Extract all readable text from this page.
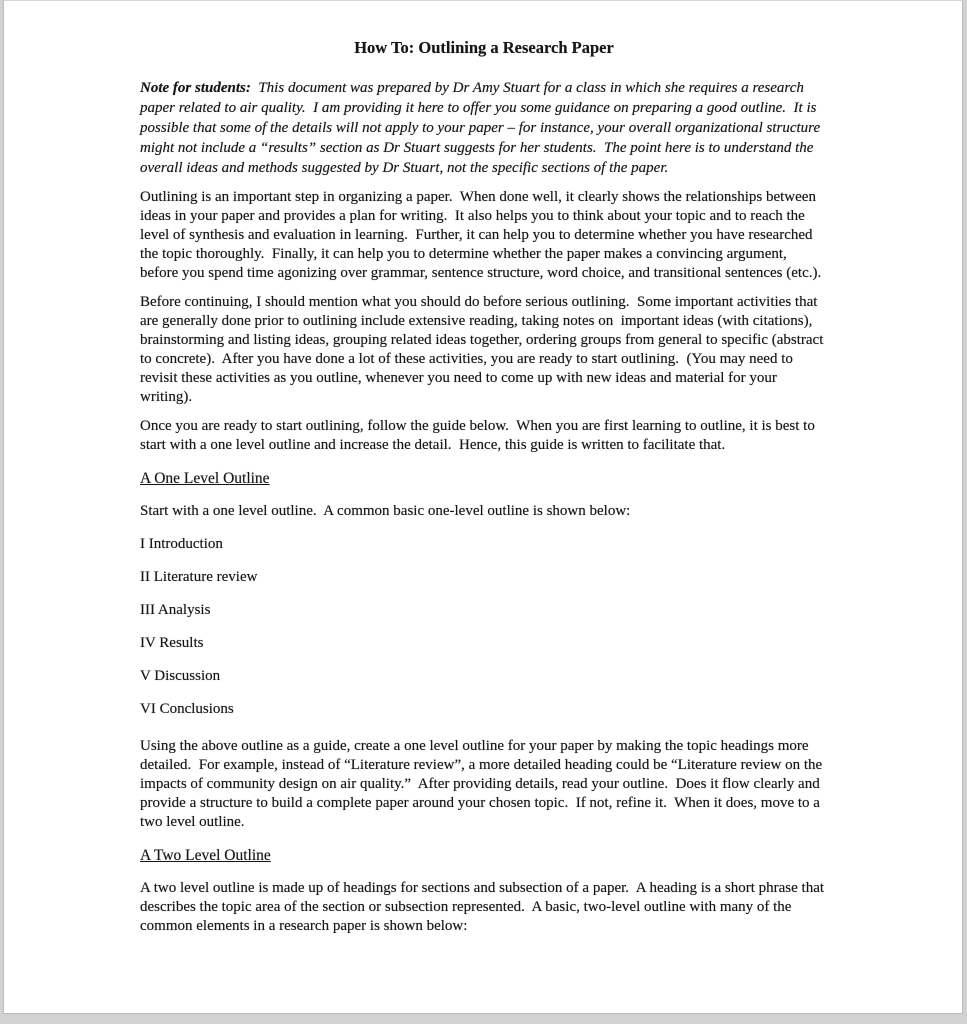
How To: Outlining a Research Paper

Note for students:  This document was prepared by Dr Amy Stuart for a class in which she requires a research paper related to air quality.  I am providing it here to offer you some guidance on preparing a good outline.  It is possible that some of the details will not apply to your paper – for instance, your overall organizational structure might not include a “results” section as Dr Stuart suggests for her students.  The point here is to understand the overall ideas and methods suggested by Dr Stuart, not the specific sections of the paper.

Outlining is an important step in organizing a paper.  When done well, it clearly shows the relationships between ideas in your paper and provides a plan for writing.  It also helps you to think about your topic and to reach the level of synthesis and evaluation in learning.  Further, it can help you to determine whether you have researched the topic thoroughly.  Finally, it can help you to determine whether the paper makes a convincing argument, before you spend time agonizing over grammar, sentence structure, word choice, and transitional sentences (etc.).

Before continuing, I should mention what you should do before serious outlining.  Some important activities that are generally done prior to outlining include extensive reading, taking notes on  important ideas (with citations), brainstorming and listing ideas, grouping related ideas together, ordering groups from general to specific (abstract to concrete).  After you have done a lot of these activities, you are ready to start outlining.  (You may need to revisit these activities as you outline, whenever you need to come up with new ideas and material for your writing).

Once you are ready to start outlining, follow the guide below.  When you are first learning to outline, it is best to start with a one level outline and increase the detail.  Hence, this guide is written to facilitate that.

A One Level Outline

Start with a one level outline.  A common basic one-level outline is shown below:

I Introduction
II Literature review
III Analysis
IV Results
V Discussion
VI Conclusions

Using the above outline as a guide, create a one level outline for your paper by making the topic headings more detailed.  For example, instead of “Literature review”, a more detailed heading could be “Literature review on the impacts of community design on air quality.”  After providing details, read your outline.  Does it flow clearly and provide a structure to build a complete paper around your chosen topic.  If not, refine it.  When it does, move to a two level outline.

A Two Level Outline

A two level outline is made up of headings for sections and subsection of a paper.  A heading is a short phrase that describes the topic area of the section or subsection represented.  A basic, two-level outline with many of the common elements in a research paper is shown below:
